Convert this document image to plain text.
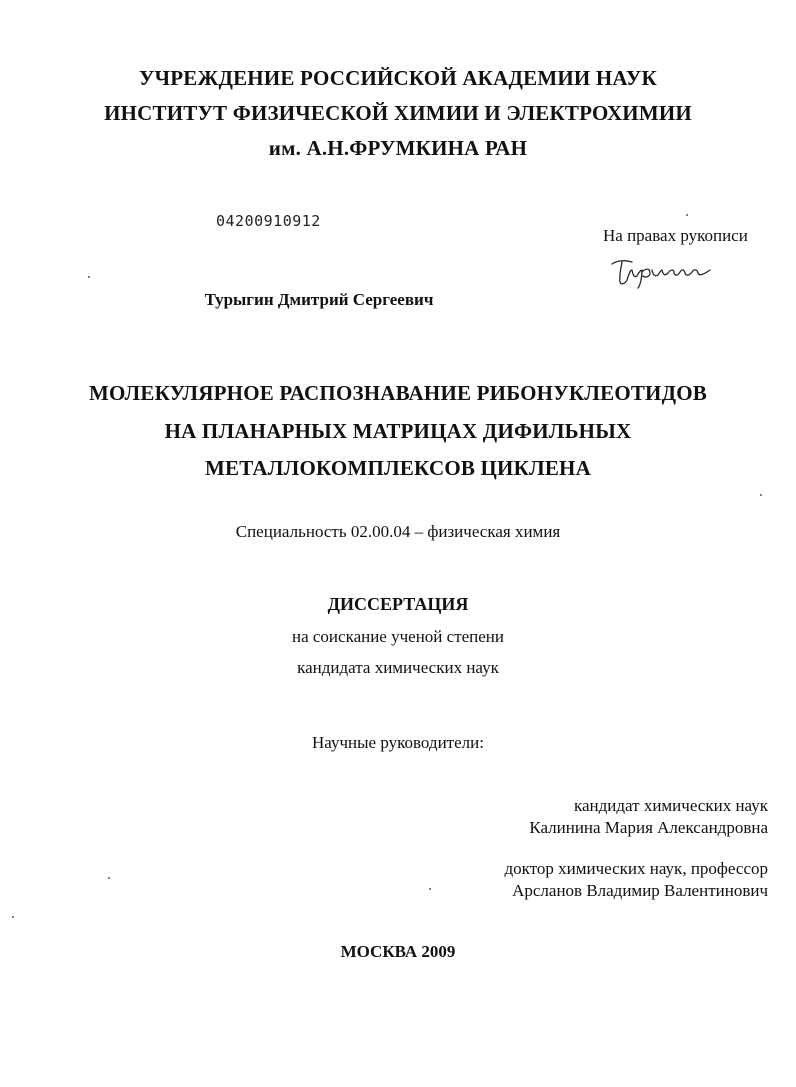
УЧРЕЖДЕНИЕ РОССИЙСКОЙ АКАДЕМИИ НАУК
ИНСТИТУТ ФИЗИЧЕСКОЙ ХИМИИ И ЭЛЕКТРОХИМИИ
им. А.Н.ФРУМКИНА РАН
04200910912
На правах рукописи
Турыгин Дмитрий Сергеевич
МОЛЕКУЛЯРНОЕ РАСПОЗНАВАНИЕ РИБОНУКЛЕОТИДОВ
НА ПЛАНАРНЫХ МАТРИЦАХ ДИФИЛЬНЫХ
МЕТАЛЛОКОМПЛЕКСОВ ЦИКЛЕНА
Специальность 02.00.04 – физическая химия
ДИССЕРТАЦИЯ
на соискание ученой степени
кандидата химических наук
Научные руководители:
кандидат химических наук
Калинина Мария Александровна
доктор химических наук, профессор
Арсланов Владимир Валентинович
МОСКВА 2009
